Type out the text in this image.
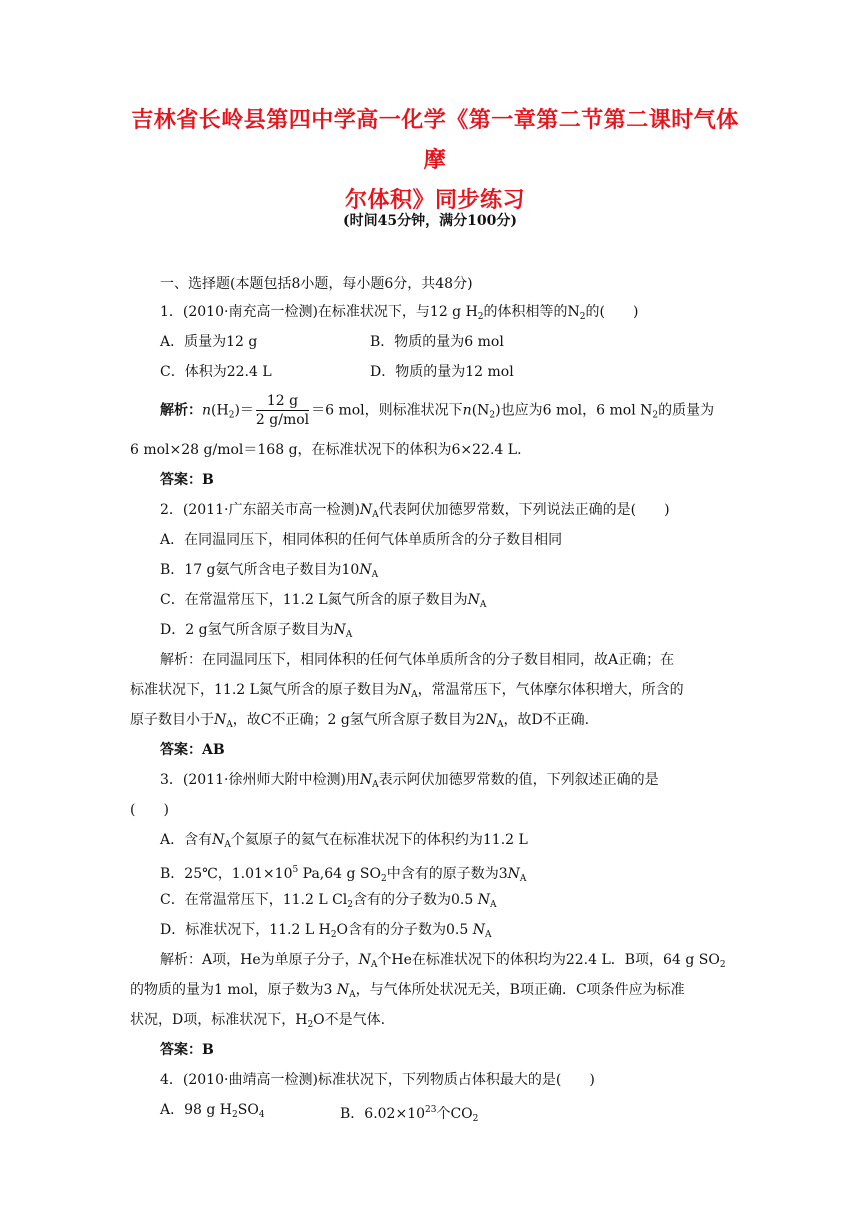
吉林省长岭县第四中学高一化学《第一章第二节第二课时气体摩
尔体积》同步练习
(时间45分钟，满分100分)
一、选择题(本题包括8小题，每小题6分，共48分)
1．(2010·南充高一检测)在标准状况下，与12 g $H_2$的体积相等的$N_2$的(　　)
A．质量为12 g	B．物质的量为6 mol
C．体积为22.4 L	D．物质的量为12 mol
解析：$n(H_2)= \frac{12 g}{\text{2 g/mol}} =6$ mol，则标准状况下$n(N_2)$也应为6 mol，6 mol $N_2$的质量为
6 mol×28 g/mol＝168 g，在标准状况下的体积为6×22.4 L.
答案：B
2．(2011·广东韶关市高一检测)$N_A$代表阿伏加德罗常数，下列说法正确的是(　　)
A．在同温同压下，相同体积的任何气体单质所含的分子数目相同
B．17 g氨气所含电子数目为$10N_A$
C．在常温常压下，11.2 L氮气所含的原子数目为$N_A$
D．2 g氢气所含原子数目为$N_A$
解析：在同温同压下，相同体积的任何气体单质所含的分子数目相同，故A正确；在
标准状况下，11.2 L氮气所含的原子数目为$N_A$，常温常压下，气体摩尔体积增大，所含的
原子数目小于$N_A$，故C不正确；2 g氢气所含原子数目为$2N_A$，故D不正确.
答案：AB
3．(2011·徐州师大附中检测)用$N_A$表示阿伏加德罗常数的值，下列叙述正确的是
(　　)
A．含有$N_A$个氦原子的氦气在标准状况下的体积约为11.2 L
B．25℃，$1.01\times 10^5$ Pa,64 g $SO_2$中含有的原子数为$3N_A$
C．在常温常压下，11.2 L $Cl_2$含有的分子数为0.5 $N_A$
D．标准状况下，11.2 L $H_2O$含有的分子数为0.5 $N_A$
解析：A项，He为单原子分子，$N_A$个He在标准状况下的体积均为22.4 L．B项，64 g $SO_2$
的物质的量为1 mol，原子数为3 $N_A$，与气体所处状况无关，B项正确．C项条件应为标准
状况，D项，标准状况下，$H_2O$不是气体.
答案：B
4．(2010·曲靖高一检测)标准状况下，下列物质占体积最大的是(　　)
A．98 g $H_2SO_4$	B．$6.02\times 10^{23}$个$CO_2$
